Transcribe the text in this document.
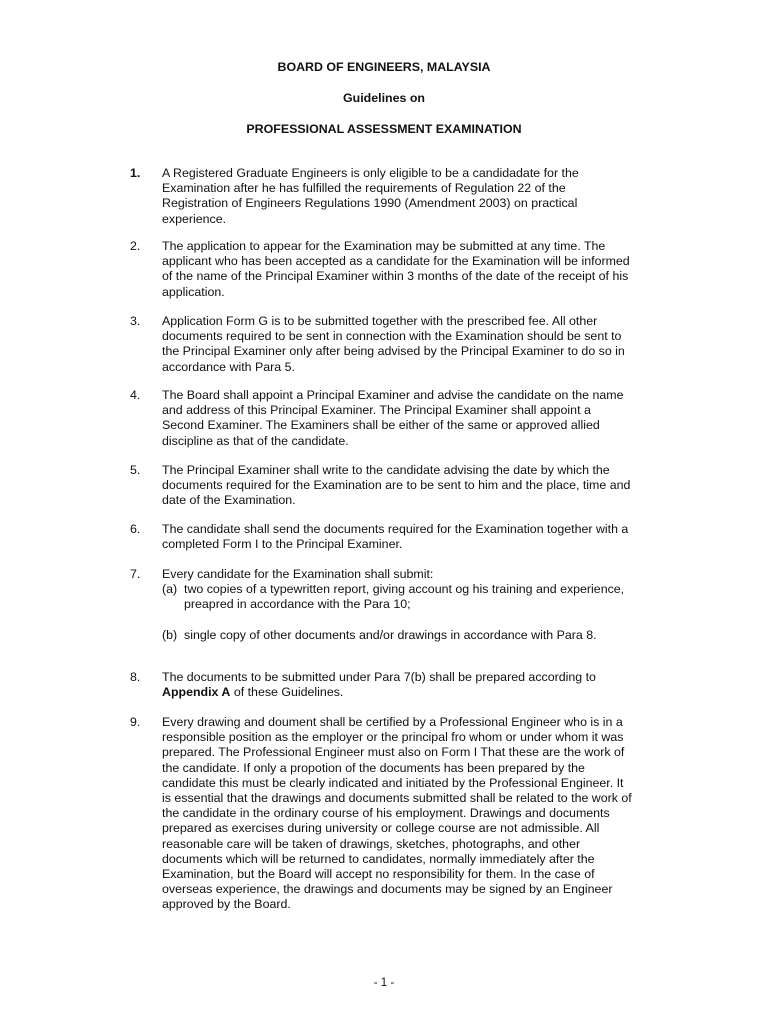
BOARD OF ENGINEERS, MALAYSIA
Guidelines on
PROFESSIONAL ASSESSMENT EXAMINATION
1.	A Registered Graduate Engineers is only eligible to be a candidadate for the
Examination after he has fulfilled the requirements of Regulation 22 of the
Registration of Engineers Regulations 1990 (Amendment 2003) on practical
experience.
2.	The application to appear for the Examination may be submitted at any time. The
applicant who has been accepted as a candidate for the Examination will be informed
of the name of the Principal Examiner within 3 months of the date of the receipt of his
application.
3.	Application Form G is to be submitted together with the prescribed fee. All other
documents required to be sent in connection with the Examination should be sent to
the Principal Examiner only after being advised by the Principal Examiner to do so in
accordance with Para 5.
4.	The Board shall appoint a Principal Examiner and advise the candidate on the name
and address of this Principal Examiner. The Principal Examiner shall appoint a
Second Examiner. The Examiners shall be either of the same or approved allied
discipline as that of the candidate.
5.	The Principal Examiner shall write to the candidate advising the date by which the
documents required for the Examination are to be sent to him and the place, time and
date of the Examination.
6.	The candidate shall send the documents required for the Examination together with a
completed Form I to the Principal Examiner.
7.	Every candidate for the Examination shall submit:
(a) two copies of a typewritten report, giving account og his training and experience,
preapred in accordance with the Para 10;
(b) single copy of other documents and/or drawings in accordance with Para 8.
8.	The documents to be submitted under Para 7(b) shall be prepared according to
Appendix A of these Guidelines.
9.	Every drawing and doument shall be certified by a Professional Engineer who is in a
responsible position as the employer or the principal fro whom or under whom it was
prepared. The Professional Engineer must also on Form I That these are the work of
the candidate. If only a propotion of the documents has been prepared by the
candidate this must be clearly indicated and initiated by the Professional Engineer. It
is essential that the drawings and documents submitted shall be related to the work of
the candidate in the ordinary course of his employment. Drawings and documents
prepared as exercises during university or college course are not admissible. All
reasonable care will be taken of drawings, sketches, photographs, and other
documents which will be returned to candidates, normally immediately after the
Examination, but the Board will accept no responsibility for them. In the case of
overseas experience, the drawings and documents may be signed by an Engineer
approved by the Board.
- 1 -
